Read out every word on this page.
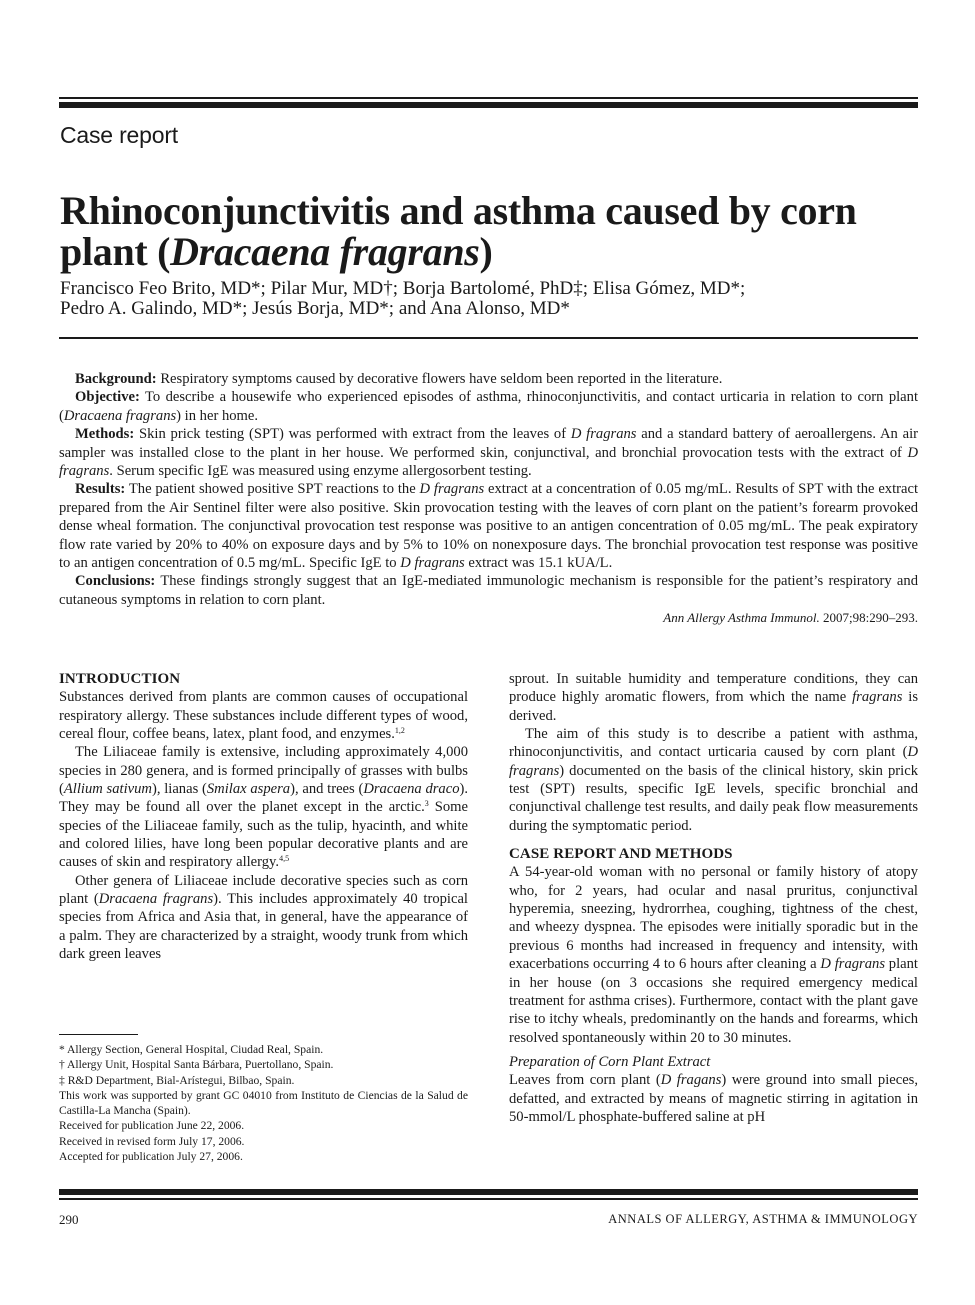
Case report
Rhinoconjunctivitis and asthma caused by corn plant (Dracaena fragrans)
Francisco Feo Brito, MD*; Pilar Mur, MD†; Borja Bartolomé, PhD‡; Elisa Gómez, MD*;
Pedro A. Galindo, MD*; Jesús Borja, MD*; and Ana Alonso, MD*

Background: Respiratory symptoms caused by decorative flowers have seldom been reported in the literature.

Objective: To describe a housewife who experienced episodes of asthma, rhinoconjunctivitis, and contact urticaria in relation to corn plant (Dracaena fragrans) in her home.

Methods: Skin prick testing (SPT) was performed with extract from the leaves of D fragrans and a standard battery of aeroallergens. An air sampler was installed close to the plant in her house. We performed skin, conjunctival, and bronchial provocation tests with the extract of D fragrans. Serum specific IgE was measured using enzyme allergosorbent testing.

Results: The patient showed positive SPT reactions to the D fragrans extract at a concentration of 0.05 mg/mL. Results of SPT with the extract prepared from the Air Sentinel filter were also positive. Skin provocation testing with the leaves of corn plant on the patient’s forearm provoked dense wheal formation. The conjunctival provocation test response was positive to an antigen concentration of 0.05 mg/mL. The peak expiratory flow rate varied by 20% to 40% on exposure days and by 5% to 10% on nonexposure days. The bronchial provocation test response was positive to an antigen concentration of 0.5 mg/mL. Specific IgE to D fragrans extract was 15.1 kUA/L.

Conclusions: These findings strongly suggest that an IgE-mediated immunologic mechanism is responsible for the patient’s respiratory and cutaneous symptoms in relation to corn plant.

Ann Allergy Asthma Immunol. 2007;98:290–293.

INTRODUCTION

Substances derived from plants are common causes of occupational respiratory allergy. These substances include different types of wood, cereal flour, coffee beans, latex, plant food, and enzymes.$^{1,2}$

The Liliaceae family is extensive, including approximately 4,000 species in 280 genera, and is formed principally of grasses with bulbs (Allium sativum), lianas (Smilax aspera), and trees (Dracaena draco). They may be found all over the planet except in the arctic.$^3$ Some species of the Liliaceae family, such as the tulip, hyacinth, and white and colored lilies, have long been popular decorative plants and are causes of skin and respiratory allergy.$^{4,5}$

Other genera of Liliaceae include decorative species such as corn plant (Dracaena fragrans). This includes approximately 40 tropical species from Africa and Asia that, in general, have the appearance of a palm. They are characterized by a straight, woody trunk from which dark green leaves

* Allergy Section, General Hospital, Ciudad Real, Spain.

† Allergy Unit, Hospital Santa Bárbara, Puertollano, Spain.

‡ R&D Department, Bial-Arístegui, Bilbao, Spain.

This work was supported by grant GC 04010 from Instituto de Ciencias de la Salud de Castilla-La Mancha (Spain).

Received for publication June 22, 2006.

Received in revised form July 17, 2006.

Accepted for publication July 27, 2006.

sprout. In suitable humidity and temperature conditions, they can produce highly aromatic flowers, from which the name fragrans is derived.

The aim of this study is to describe a patient with asthma, rhinoconjunctivitis, and contact urticaria caused by corn plant (D fragrans) documented on the basis of the clinical history, skin prick test (SPT) results, specific IgE levels, specific bronchial and conjunctival challenge test results, and daily peak flow measurements during the symptomatic period.

CASE REPORT AND METHODS

A 54-year-old woman with no personal or family history of atopy who, for 2 years, had ocular and nasal pruritus, conjunctival hyperemia, sneezing, hydrorrhea, coughing, tightness of the chest, and wheezy dyspnea. The episodes were initially sporadic but in the previous 6 months had increased in frequency and intensity, with exacerbations occurring 4 to 6 hours after cleaning a D fragrans plant in her house (on 3 occasions she required emergency medical treatment for asthma crises). Furthermore, contact with the plant gave rise to itchy wheals, predominantly on the hands and forearms, which resolved spontaneously within 20 to 30 minutes.

Preparation of Corn Plant Extract

Leaves from corn plant (D fragans) were ground into small pieces, defatted, and extracted by means of magnetic stirring in agitation in 50-mmol/L phosphate-buffered saline at pH

290	ANNALS OF ALLERGY, ASTHMA & IMMUNOLOGY
